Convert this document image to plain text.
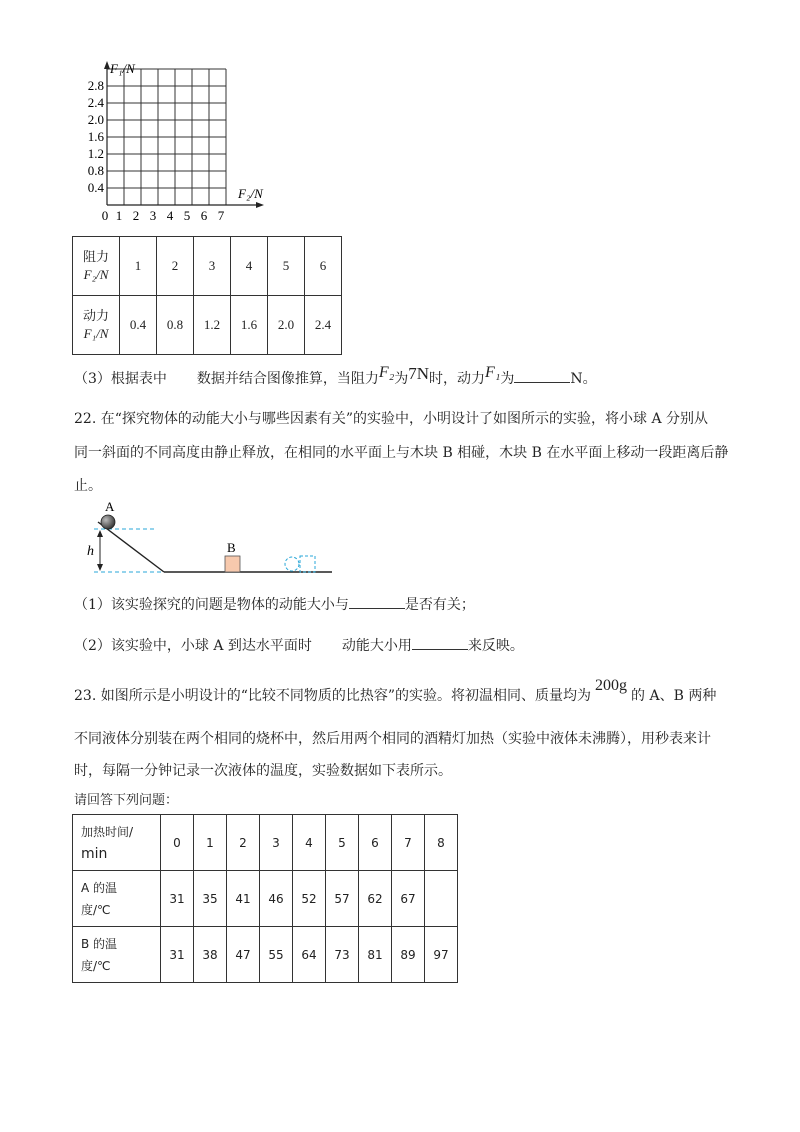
F₁/N
F₂/N
2.8
2.4
2.0
1.6
1.2
0.8
0.4
0 1 2 3 4 5 6 7
阻力
F₂/N	1	2	3	4	5	6

动力
F₁/N	0.4	0.8	1.2	1.6	2.0	2.4
（3）根据表中 数据并结合图像推算，当阻力F₂为7N时，动力F₁为	N。
22. 在“探究物体的动能大小与哪些因素有关”的实验中，小明设计了如图所示的实验，将小球 A 分别从
同一斜面的不同高度由静止释放，在相同的水平面上与木块 B 相碰，木块 B 在水平面上移动一段距离后静
止。
h
A
B
（1）该实验探究的问题是物体的动能大小与	是否有关；
（2）该实验中，小球 A 到达水平面时 动能大小用	来反映。
23. 如图所示是小明设计的“比较不同物质的比热容”的实验。将初温相同、质量均为200g的 A、B 两种
不同液体分别装在两个相同的烧杯中，然后用两个相同的酒精灯加热（实验中液体未沸腾），用秒表来计
时，每隔一分钟记录一次液体的温度，实验数据如下表所示。
请回答下列问题：
加热时间/
min	0	1	2	3	4	5	6	7	8

A 的温
度/℃	31	35	41	46	52	57	62	67	

B 的温
度/℃	31	38	47	55	64	73	81	89	97
